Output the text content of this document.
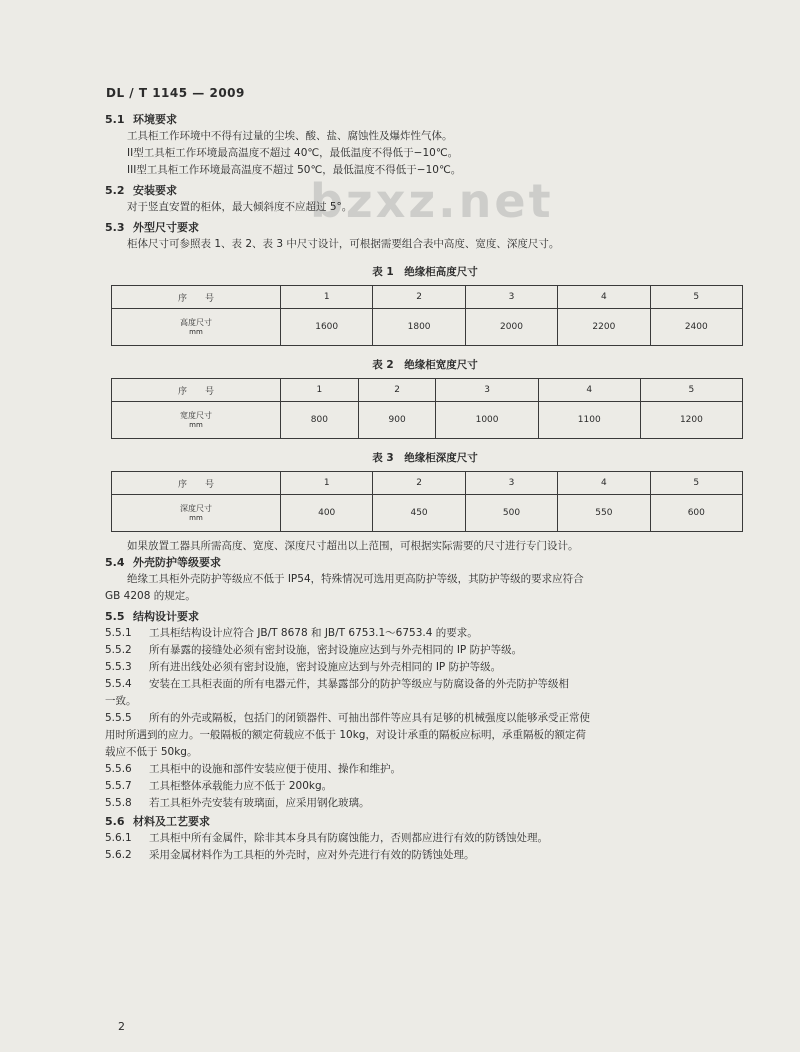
DL / T 1145 — 2009
bzxz.net

5.1 环境要求

工具柜工作环境中不得有过量的尘埃、酸、盐、腐蚀性及爆炸性气体。

II型工具柜工作环境最高温度不超过 40℃，最低温度不得低于−10℃。

III型工具柜工作环境最高温度不超过 50℃，最低温度不得低于−10℃。

5.2 安装要求

对于竖直安置的柜体，最大倾斜度不应超过 5°。

5.3 外型尺寸要求

柜体尺寸可参照表 1、表 2、表 3 中尺寸设计，可根据需要组合表中高度、宽度、深度尺寸。

表 1　绝缘柜高度尺寸
序　　号	1	2	3	4	5

高度尺寸
mm	1600	1800	2000	2200	2400
表 2　绝缘柜宽度尺寸
序　　号	1	2	3	4	5

宽度尺寸
mm	800	900	1000	1100	1200
表 3　绝缘柜深度尺寸
序　　号	1	2	3	4	5

深度尺寸
mm	400	450	500	550	600

如果放置工器具所需高度、宽度、深度尺寸超出以上范围，可根据实际需要的尺寸进行专门设计。

5.4 外壳防护等级要求

绝缘工具柜外壳防护等级应不低于 IP54，特殊情况可选用更高防护等级，其防护等级的要求应符合

GB 4208 的规定。

5.5 结构设计要求

5.5.1 工具柜结构设计应符合 JB/T 8678 和 JB/T 6753.1～6753.4 的要求。

5.5.2 所有暴露的接缝处必须有密封设施，密封设施应达到与外壳相同的 IP 防护等级。

5.5.3 所有进出线处必须有密封设施，密封设施应达到与外壳相同的 IP 防护等级。

5.5.4 安装在工具柜表面的所有电器元件，其暴露部分的防护等级应与防腐设备的外壳防护等级相

一致。

5.5.5 所有的外壳或隔板，包括门的闭锁器件、可抽出部件等应具有足够的机械强度以能够承受正常使

用时所遇到的应力。一般隔板的额定荷载应不低于 10kg，对设计承重的隔板应标明，承重隔板的额定荷

载应不低于 50kg。

5.5.6 工具柜中的设施和部件安装应便于使用、操作和维护。

5.5.7 工具柜整体承载能力应不低于 200kg。

5.5.8 若工具柜外壳安装有玻璃面，应采用钢化玻璃。

5.6 材料及工艺要求

5.6.1 工具柜中所有金属件，除非其本身具有防腐蚀能力，否则都应进行有效的防锈蚀处理。

5.6.2 采用金属材料作为工具柜的外壳时，应对外壳进行有效的防锈蚀处理。

2
